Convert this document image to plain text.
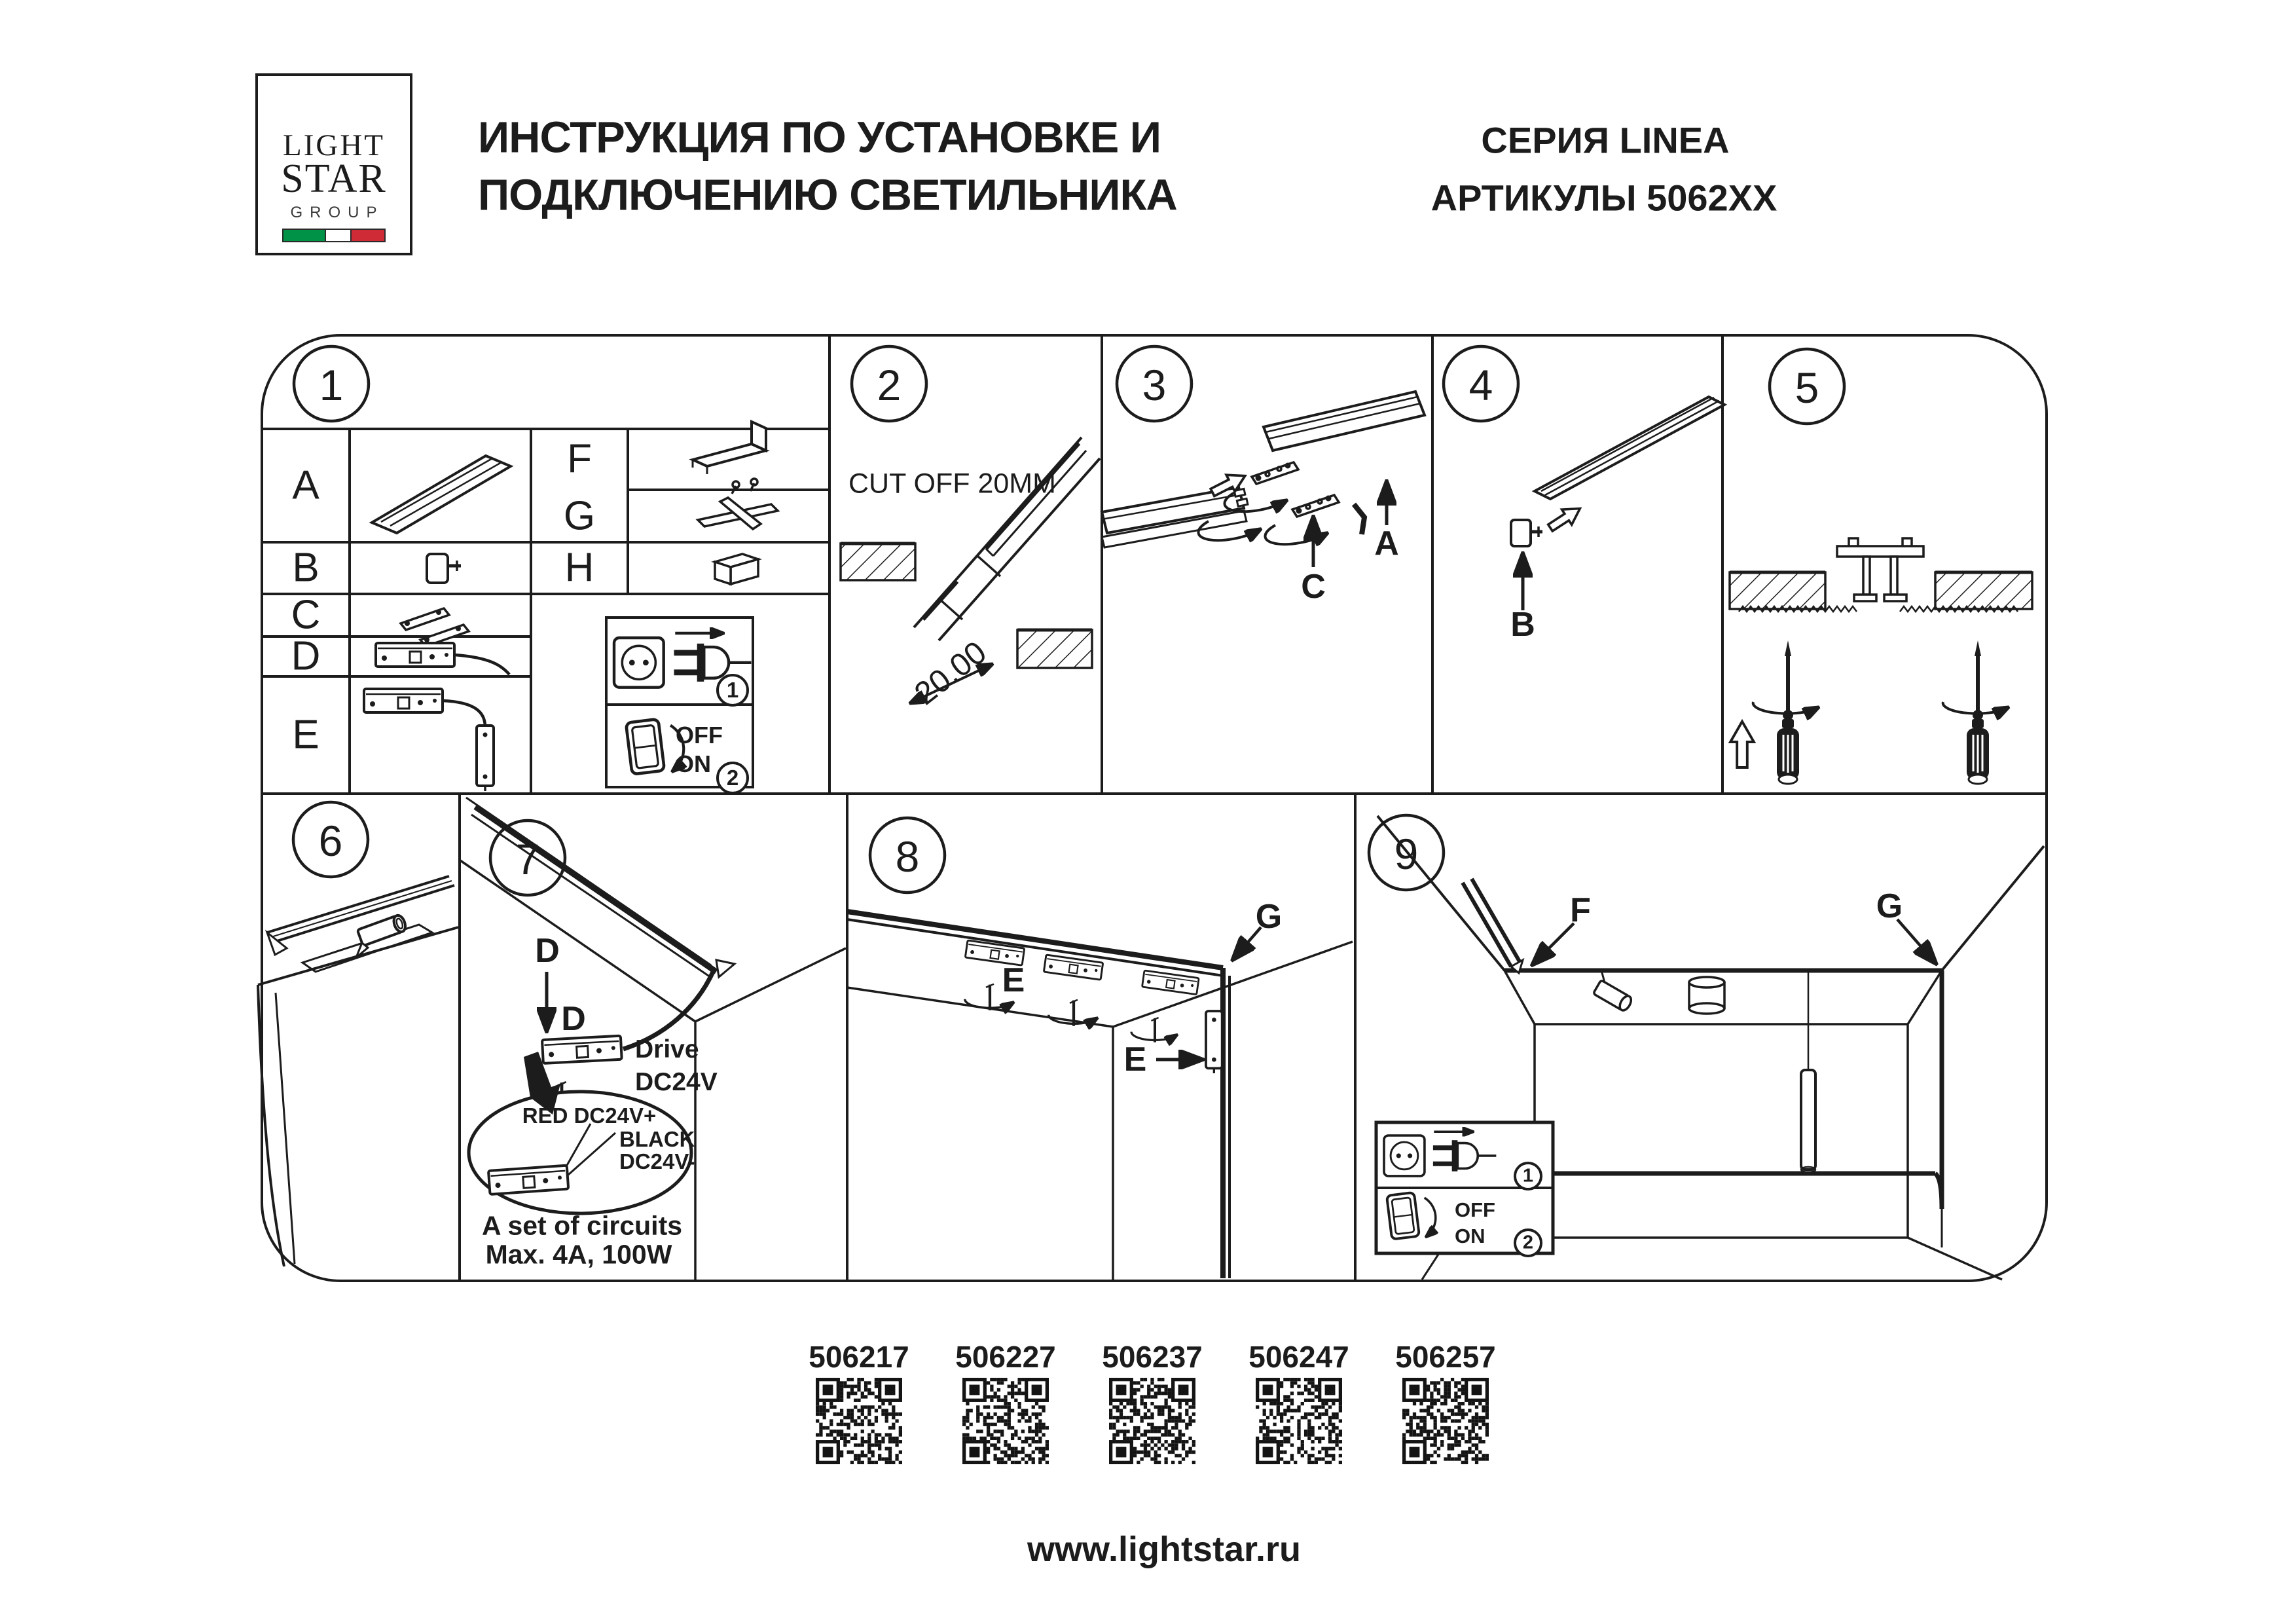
LIGHT
STAR
GROUP
ИНСТРУКЦИЯ ПО УСТАНОВКЕ И
ПОДКЛЮЧЕНИЮ СВЕТИЛЬНИКА
СЕРИЯ LINEA
АРТИКУЛЫ 5062XX
1	2	3	4	5
6	7	8	9
A
B
C
D
E
F
G
H
1
2
OFF
ON
CUT OFF 20MM
20.00
A
C
B
D
D
Drive
DC24V
RED DC24V+
BLACK
DC24V-
A set of circuits
Max. 4A, 100W
E
E
G	F	G
1
2
OFF
ON
506217 506227 506237 506247 506257
www.lightstar.ru
